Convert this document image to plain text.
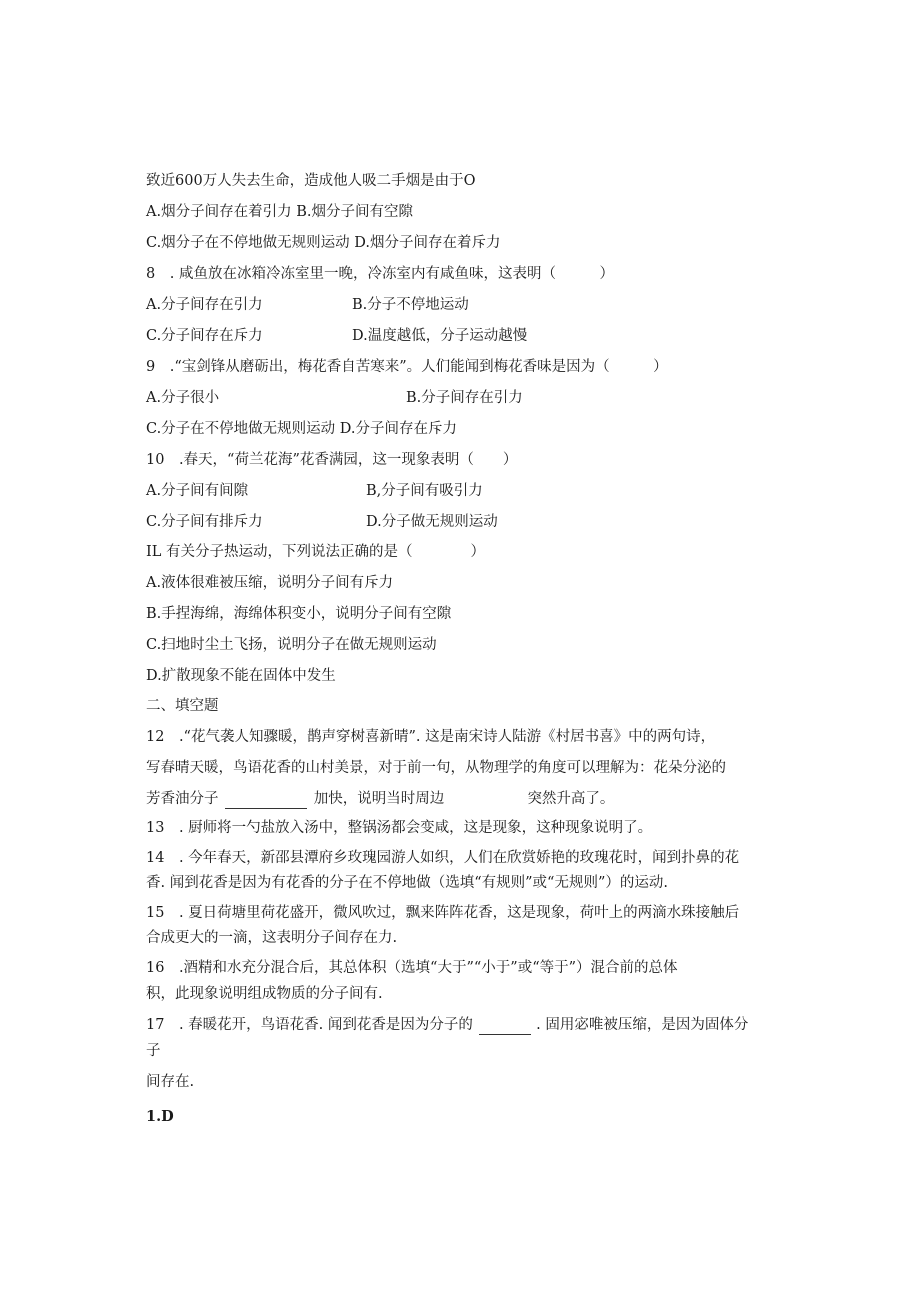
致近600万人失去生命，造成他人吸二手烟是由于O
A.烟分子间存在着引力 B.烟分子间有空隙
C.烟分子在不停地做无规则运动 D.烟分子间存在着斥力
8　. 咸鱼放在冰箱冷冻室里一晚，冷冻室内有咸鱼味，这表明（　　　）
A.分子间存在引力	B.分子不停地运动
C.分子间存在斥力	D.温度越低，分子运动越慢
9　.“宝剑锋从磨砺出，梅花香自苦寒来”。人们能闻到梅花香味是因为（　　　）
A.分子很小	B.分子间存在引力
C.分子在不停地做无规则运动 D.分子间存在斥力
10　.春天，“荷兰花海”花香满园，这一现象表明（　　）
A.分子间有间隙	B,分子间有吸引力
C.分子间有排斥力	D.分子做无规则运动
IL 有关分子热运动，下列说法正确的是（　　　　）
A.液体很难被压缩，说明分子间有斥力
B.手捏海绵，海绵体积变小，说明分子间有空隙
C.扫地时尘土飞扬，说明分子在做无规则运动
D.扩散现象不能在固体中发生
二、填空题
12　.“花气袭人知骤暖，鹊声穿树喜新晴”. 这是南宋诗人陆游《村居书喜》中的两句诗，
写春晴天暖，鸟语花香的山村美景，对于前一句，从物理学的角度可以理解为：花朵分泌的
芳香油分子	加快，说明当时周边	突然升高了。
13　. 厨师将一勺盐放入汤中，整锅汤都会变咸，这是现象，这种现象说明了。
14　. 今年春天，新邵县潭府乡玫瑰园游人如织，人们在欣赏娇艳的玫瑰花时，闻到扑鼻的花
香. 闻到花香是因为有花香的分子在不停地做（选填“有规则”或“无规则”）的运动.
15　. 夏日荷塘里荷花盛开，微风吹过，飘来阵阵花香，这是现象，荷叶上的两滴水珠接触后
合成更大的一滴，这表明分子间存在力.
16　.酒精和水充分混合后，其总体积（选填“大于”“小于”或“等于”）混合前的总体
积，此现象说明组成物质的分子间有.
17　. 春暖花开，鸟语花香. 闻到花香是因为分子的	. 固用宓唯被压缩，是因为固体分
子
间存在.
1.D
